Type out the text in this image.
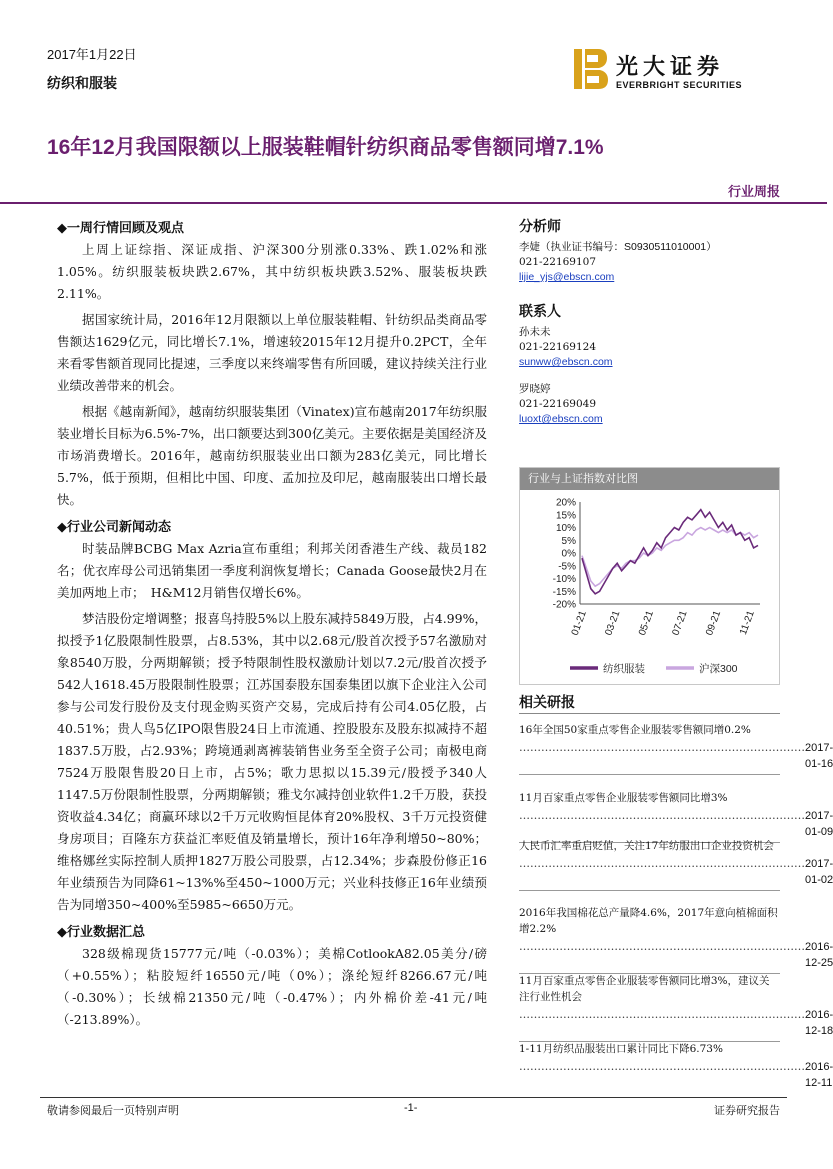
2017年1月22日
纺织和服装
光大证券
EVERBRIGHT SECURITIES
16年12月我国限额以上服装鞋帽针纺织商品零售额同增7.1%
行业周报
◆一周行情回顾及观点

上周上证综指、深证成指、沪深300分别涨0.33%、跌1.02%和涨1.05%。纺织服装板块跌2.67%，其中纺织板块跌3.52%、服装板块跌2.11%。

据国家统计局，2016年12月限额以上单位服装鞋帽、针纺织品类商品零售额达1629亿元，同比增长7.1%，增速较2015年12月提升0.2PCT，全年来看零售额首现同比提速，三季度以来终端零售有所回暖，建议持续关注行业业绩改善带来的机会。

根据《越南新闻》，越南纺织服装集团（Vinatex)宣布越南2017年纺织服装业增长目标为6.5%-7%，出口额要达到300亿美元。主要依据是美国经济及市场消费增长。2016年，越南纺织服装业出口额为283亿美元，同比增长5.7%，低于预期，但相比中国、印度、孟加拉及印尼，越南服装出口增长最快。

◆行业公司新闻动态

时装品牌BCBG Max Azria宣布重组；利邦关闭香港生产线、裁员182名；优衣库母公司迅销集团一季度利润恢复增长；Canada Goose最快2月在美加两地上市；　H&M12月销售仅增长6%。

梦洁股份定增调整；报喜鸟持股5%以上股东减持5849万股，占4.99%，拟授予1亿股限制性股票，占8.53%，其中以2.68元/股首次授予57名激励对象8540万股，分两期解锁；授予特限制性股权激励计划以7.2元/股首次授予542人1618.45万股限制性股票；江苏国泰股东国泰集团以旗下企业注入公司参与公司发行股份及支付现金购买资产交易，完成后持有公司4.05亿股，占40.51%；贵人鸟5亿IPO限售股24日上市流通、控股股东及股东拟减持不超1837.5万股，占2.93%；跨境通剥离裤装销售业务至全资子公司；南极电商7524万股限售股20日上市，占5%；歌力思拟以15.39元/股授予340人1147.5万份限制性股票，分两期解锁；雅戈尔减持创业软件1.2千万股，获投资收益4.34亿；商赢环球以2千万元收购恒昆体育20%股权、3千万元投资健身房项目；百隆东方获益汇率贬值及销量增长，预计16年净利增50~80%；维格娜丝实际控制人质押1827万股公司股票，占12.34%；步森股份修正16年业绩预告为同降61~13%%至450~1000万元；兴业科技修正16年业绩预告为同增350~400%至5985~6650万元。

◆行业数据汇总

328级棉现货15777元/吨（-0.03%）；美棉CotlookA82.05美分/磅（+0.55%）；粘胶短纤16550元/吨（0%）；涤纶短纤8266.67元/吨（-0.30%）；长绒棉21350元/吨（-0.47%）；内外棉价差-41元/吨（-213.89%）。

分析师
李婕（执业证书编号：S0930511010001）
021-22169107
lijie_yjs@ebscn.com
联系人
孙未未
021-22169124
sunww@ebscn.com
罗晓婷
021-22169049
luoxt@ebscn.com
行业与上证指数对比图
20%
15%
10%
5%
0%
-5%
-10%
-15%
-20%
01-21 03-21 05-21 07-21 09-21 11-21
纺织服装	沪深300
相关研报
16年全国50家重点零售企业服装零售额同增0.2%
…………………………………………………………………… 2017-01-16
11月百家重点零售企业服装零售额同比增3%
…………………………………………………………………… 2017-01-09
人民币汇率重启贬值，关注17年纺服出口企业投资机会
…………………………………………………………………… 2017-01-02
2016年我国棉花总产量降4.6%，2017年意向植棉面积增2.2%
…………………………………………………………………… 2016-12-25
11月百家重点零售企业服装零售额同比增3%，建议关注行业性机会
…………………………………………………………………… 2016-12-18
1-11月纺织品服装出口累计同比下降6.73%
…………………………………………………………………… 2016-12-11
敬请参阅最后一页特别声明	-1-	证券研究报告
